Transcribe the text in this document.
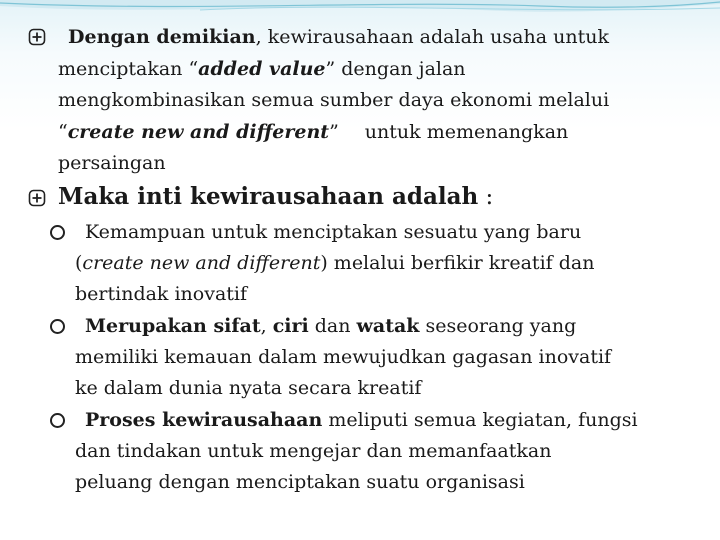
Dengan demikian, kewirausahaan adalah usaha untuk
menciptakan “added value” dengan jalan
mengkombinasikan semua sumber daya ekonomi melalui
“create new and different” untuk memenangkan
persaingan

Maka inti kewirausahaan adalah :

Kemampuan untuk menciptakan sesuatu yang baru
(create new and different) melalui berfikir kreatif dan
bertindak inovatif

Merupakan sifat, ciri dan watak seseorang yang
memiliki kemauan dalam mewujudkan gagasan inovatif
ke dalam dunia nyata secara kreatif

Proses kewirausahaan meliputi semua kegiatan, fungsi
dan tindakan untuk mengejar dan memanfaatkan
peluang dengan menciptakan suatu organisasi
